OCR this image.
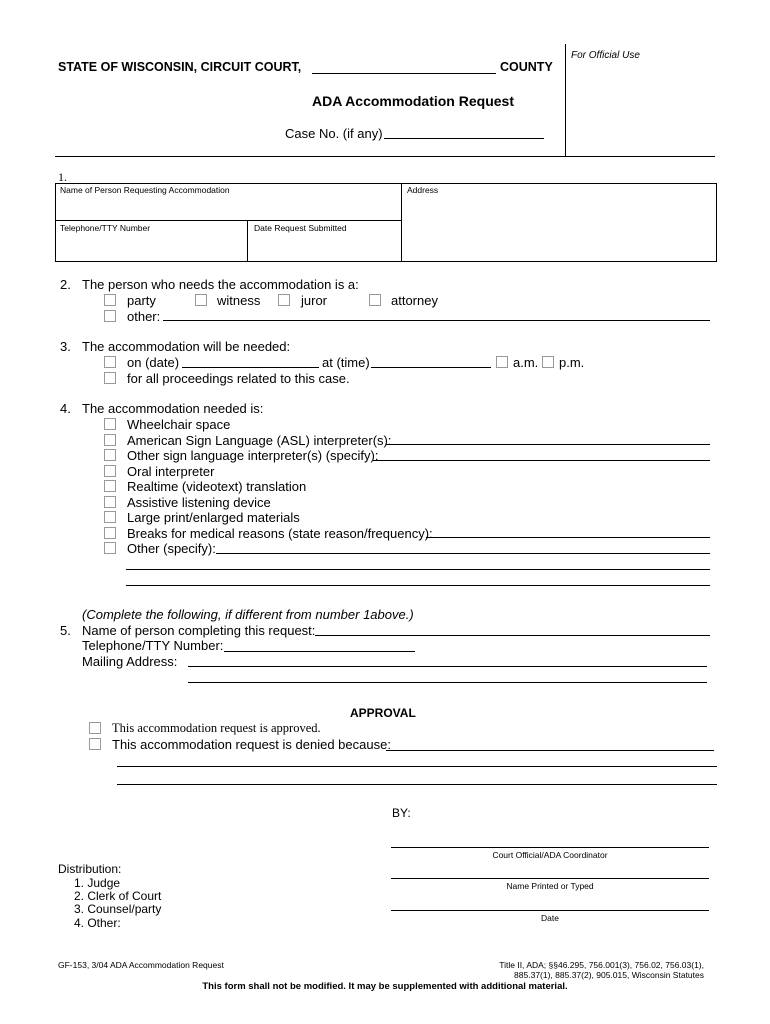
For Official Use
STATE OF WISCONSIN, CIRCUIT COURT,	COUNTY
ADA Accommodation Request
Case No. (if any)
1.
Name of Person Requesting Accommodation	Address
Telephone/TTY Number	Date Request Submitted
2. The person who needs the accommodation is a:
party	witness	juror	attorney
other:
3. The accommodation will be needed:
on (date)	at (time)	a.m. p.m.
for all proceedings related to this case.
4. The accommodation needed is:
Wheelchair space
American Sign Language (ASL) interpreter(s):
Other sign language interpreter(s) (specify):
Oral interpreter
Realtime (videotext) translation
Assistive listening device
Large print/enlarged materials
Breaks for medical reasons (state reason/frequency):
Other (specify):
(Complete the following, if different from number 1above.)
5. Name of person completing this request:
Telephone/TTY Number:
Mailing Address:
APPROVAL
This accommodation request is approved.
This accommodation request is denied because:
BY:
Court Official/ADA Coordinator
Name Printed or Typed
Date
Distribution:
1. Judge
2. Clerk of Court
3. Counsel/party
4. Other:
GF-153, 3/04 ADA Accommodation Request	Title II, ADA; §§46.295, 756.001(3), 756.02, 756.03(1),
885.37(1), 885.37(2), 905.015, Wisconsin Statutes
This form shall not be modified. It may be supplemented with additional material.
